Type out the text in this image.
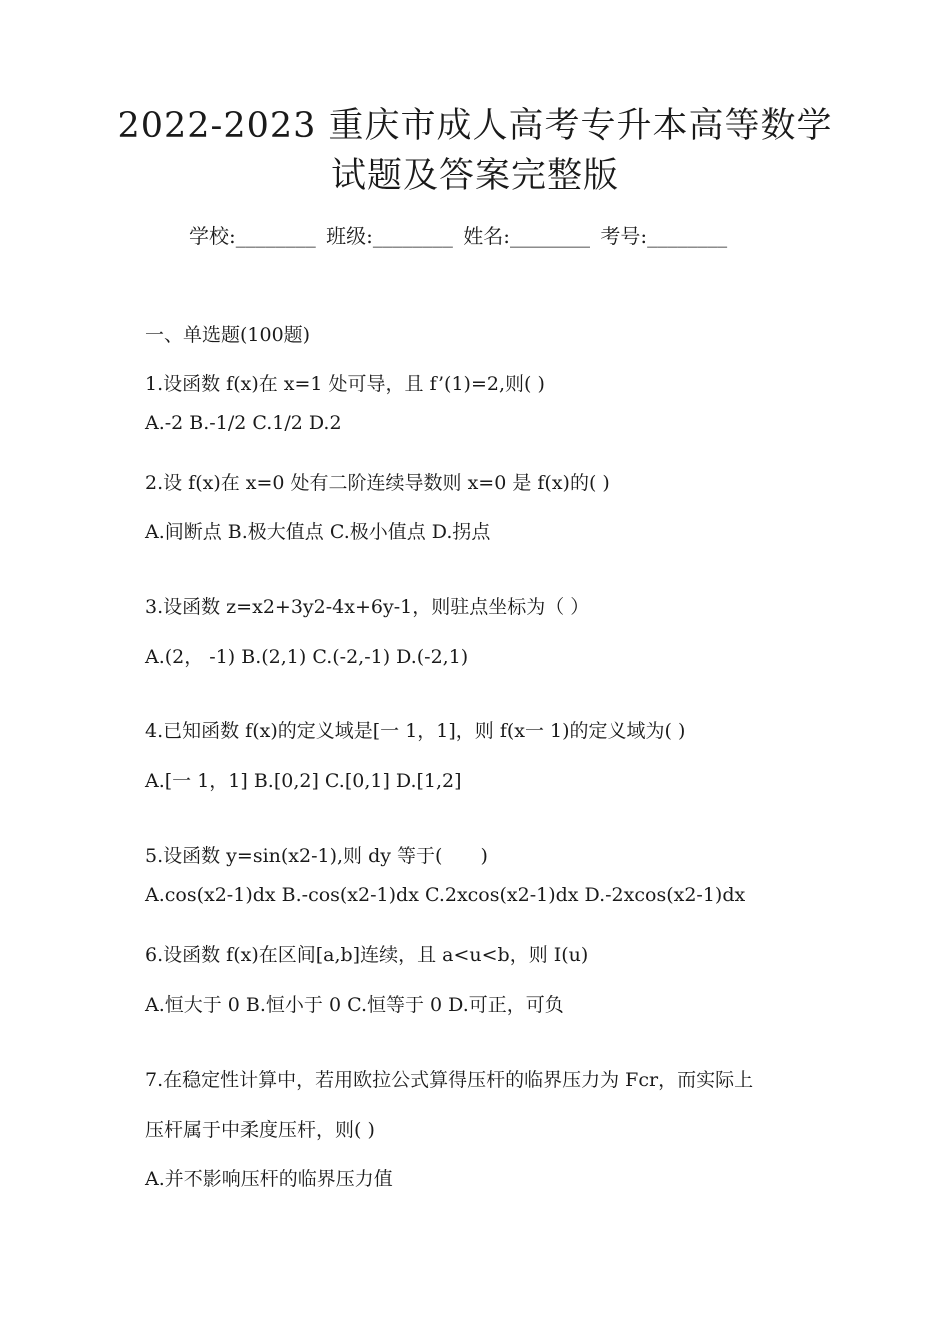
2022-2023 重庆市成人高考专升本高等数学
试题及答案完整版
学校:________ 班级:________ 姓名:________ 考号:________
一、单选题(100题)
1.设函数 f(x)在 x=1 处可导，且 f’(1)=2,则( )
A.-2 B.-1/2 C.1/2 D.2
2.设 f(x)在 x=0 处有二阶连续导数则 x=0 是 f(x)的( )
A.间断点 B.极大值点 C.极小值点 D.拐点
3.设函数 z=x2+3y2-4x+6y-1，则驻点坐标为（ ）
A.(2， -1) B.(2,1) C.(-2,-1) D.(-2,1)
4.已知函数 f(x)的定义域是[一 1，1]，则 f(x一 1)的定义域为( )
A.[一 1，1] B.[0,2] C.[0,1] D.[1,2]
5.设函数 y=sin(x2-1),则 dy 等于(　　)
A.cos(x2-1)dx B.-cos(x2-1)dx C.2xcos(x2-1)dx D.-2xcos(x2-1)dx
6.设函数 f(x)在区间[a,b]连续，且 a<u<b，则 I(u)
A.恒大于 0 B.恒小于 0 C.恒等于 0 D.可正，可负
7.在稳定性计算中，若用欧拉公式算得压杆的临界压力为 Fcr，而实际上
压杆属于中柔度压杆，则( )
A.并不影响压杆的临界压力值
